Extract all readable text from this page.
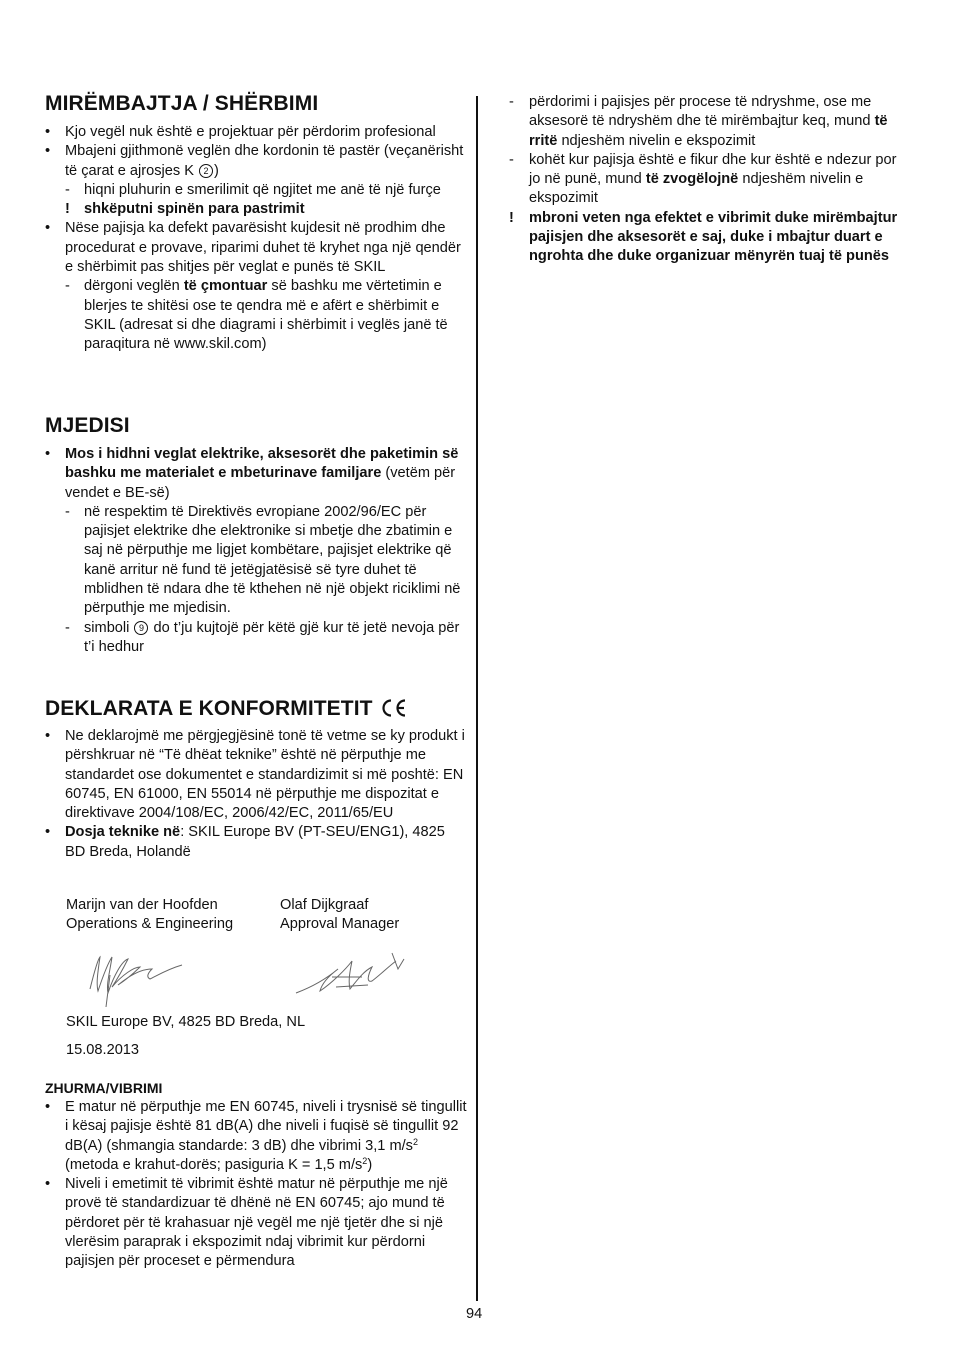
MIRËMBAJTJA / SHËRBIMI
• Kjo vegël nuk është e projektuar për përdorim profesional
• Mbajeni gjithmonë veglën dhe kordonin të pastër (veçanërisht të çarat e ajrosjes K 2 )
- hiqni pluhurin e smerilimit që ngjitet me anë të një furçe
! shkëputni spinën para pastrimit
• Nëse pajisja ka defekt pavarësisht kujdesit në prodhim dhe procedurat e provave, riparimi duhet të kryhet nga një qendër e shërbimit pas shitjes për veglat e punës të SKIL
- dërgoni veglën të çmontuar së bashku me vërtetimin e blerjes te shitësi ose te qendra më e afërt e shërbimit e SKIL (adresat si dhe diagrami i shërbimit i veglës janë të paraqitura në www.skil.com)
MJEDISI
• Mos i hidhni veglat elektrike, aksesorët dhe paketimin së bashku me materialet e mbeturinave familjare (vetëm për vendet e BE-së)
- në respektim të Direktivës evropiane 2002/96/EC për pajisjet elektrike dhe elektronike si mbetje dhe zbatimin e saj në përputhje me ligjet kombëtare, pajisjet elektrike që kanë arritur në fund të jetëgjatësisë së tyre duhet të mblidhen të ndara dhe të kthehen në një objekt riciklimi në përputhje me mjedisin.
- simboli 9 do t’ju kujtojë për këtë gjë kur të jetë nevoja për t’i hedhur
DEKLARATA E KONFORMITETIT
• Ne deklarojmë me përgjegjësinë tonë të vetme se ky produkt i përshkruar në “Të dhëat teknike” është në përputhje me standardet ose dokumentet e standardizimit si më poshtë: EN 60745, EN 61000, EN 55014 në përputhje me dispozitat e direktivave 2004/108/EC, 2006/42/EC, 2011/65/EU
• Dosja teknike në: SKIL Europe BV (PT-SEU/ENG1), 4825 BD Breda, Holandë
Marijn van der Hoofden
Operations & Engineering
Olaf Dijkgraaf
Approval Manager
SKIL Europe BV, 4825 BD Breda, NL
15.08.2013
ZHURMA/VIBRIMI
• E matur në përputhje me EN 60745, niveli i trysnisë së tingullit i kësaj pajisje është 81 dB(A) dhe niveli i fuqisë së tingullit 92 dB(A) (shmangia standarde: 3 dB) dhe vibrimi 3,1 $m/s^2$ (metoda e krahut-dorës; pasiguria K = 1,5 $m/s^2$)
• Niveli i emetimit të vibrimit është matur në përputhje me një provë të standardizuar të dhënë në EN 60745; ajo mund të përdoret për të krahasuar një vegël me një tjetër dhe si një vlerësim paraprak i ekspozimit ndaj vibrimit kur përdorni pajisjen për proceset e përmendura
- përdorimi i pajisjes për procese të ndryshme, ose me aksesorë të ndryshëm dhe të mirëmbajtur keq, mund të rritë ndjeshëm nivelin e ekspozimit
- kohët kur pajisja është e fikur dhe kur është e ndezur por jo në punë, mund të zvogëlojnë ndjeshëm nivelin e ekspozimit
! mbroni veten nga efektet e vibrimit duke mirëmbajtur pajisjen dhe aksesorët e saj, duke i mbajtur duart e ngrohta dhe duke organizuar mënyrën tuaj të punës
94
